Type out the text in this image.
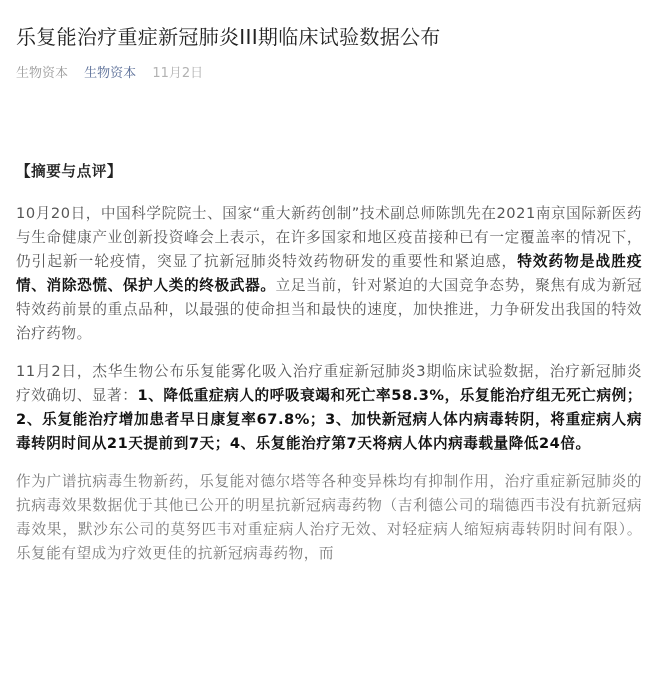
乐复能治疗重症新冠肺炎III期临床试验数据公布
生物资本 生物资本 11月2日
【摘要与点评】

10月20日，中国科学院院士、国家“重大新药创制”技术副总师陈凯先在2021南京国际新医药与生命健康产业创新投资峰会上表示，在许多国家和地区疫苗接种已有一定覆盖率的情况下，仍引起新一轮疫情，突显了抗新冠肺炎特效药物研发的重要性和紧迫感，特效药物是战胜疫情、消除恐慌、保护人类的终极武器。立足当前，针对紧迫的大国竞争态势，聚焦有成为新冠特效药前景的重点品种，以最强的使命担当和最快的速度，加快推进，力争研发出我国的特效治疗药物。

11月2日，杰华生物公布乐复能雾化吸入治疗重症新冠肺炎3期临床试验数据，治疗新冠肺炎疗效确切、显著：1、降低重症病人的呼吸衰竭和死亡率58.3%，乐复能治疗组无死亡病例；2、乐复能治疗增加患者早日康复率67.8%；3、加快新冠病人体内病毒转阴，将重症病人病毒转阴时间从21天提前到7天；4、乐复能治疗第7天将病人体内病毒载量降低24倍。

作为广谱抗病毒生物新药，乐复能对德尔塔等各种变异株均有抑制作用，治疗重症新冠肺炎的抗病毒效果数据优于其他已公开的明星抗新冠病毒药物（吉利德公司的瑞德西韦没有抗新冠病毒效果，默沙东公司的莫努匹韦对重症病人治疗无效、对轻症病人缩短病毒转阴时间有限）。乐复能有望成为疗效更佳的抗新冠病毒药物，而
